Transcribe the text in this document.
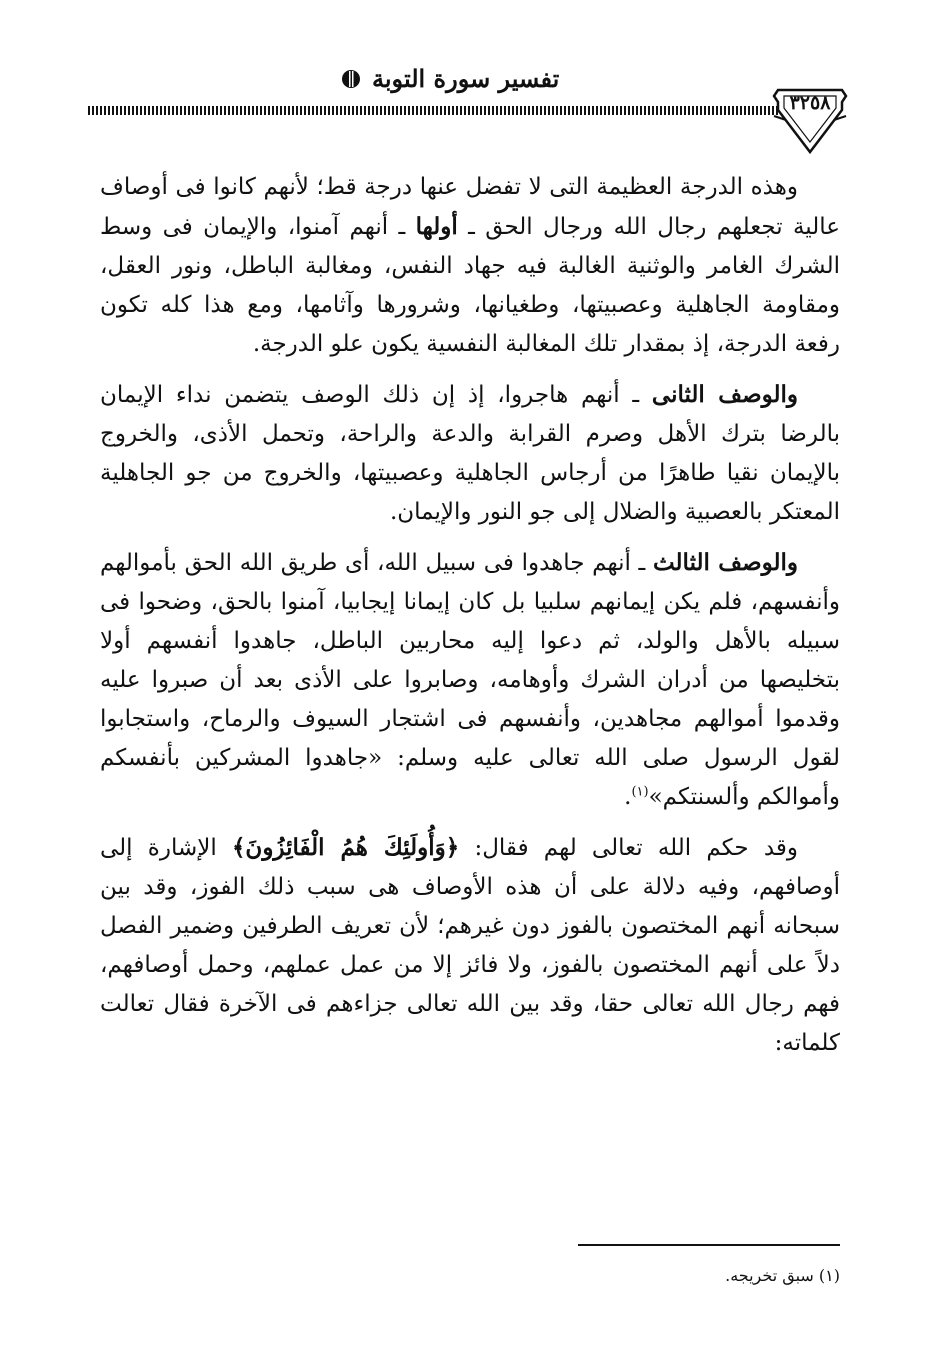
تفسير سورة التوبة
٣٢٥٨

وهذه الدرجة العظيمة التى لا تفضل عنها درجة قط؛ لأنهم كانوا فى أوصاف عالية تجعلهم رجال الله ورجال الحق ـ أولها ـ أنهم آمنوا، والإيمان فى وسط الشرك الغامر والوثنية الغالبة فيه جهاد النفس، ومغالبة الباطل، ونور العقل، ومقاومة الجاهلية وعصبيتها، وطغيانها، وشرورها وآثامها، ومع هذا كله تكون رفعة الدرجة، إذ بمقدار تلك المغالبة النفسية يكون علو الدرجة.

والوصف الثانى ـ أنهم هاجروا، إذ إن ذلك الوصف يتضمن نداء الإيمان بالرضا بترك الأهل وصرم القرابة والدعة والراحة، وتحمل الأذى، والخروج بالإيمان نقيا طاهرًا من أرجاس الجاهلية وعصبيتها، والخروج من جو الجاهلية المعتكر بالعصبية والضلال إلى جو النور والإيمان.

والوصف الثالث ـ أنهم جاهدوا فى سبيل الله، أى طريق الله الحق بأموالهم وأنفسهم، فلم يكن إيمانهم سلبيا بل كان إيمانا إيجابيا، آمنوا بالحق، وضحوا فى سبيله بالأهل والولد، ثم دعوا إليه محاربين الباطل، جاهدوا أنفسهم أولا بتخليصها من أدران الشرك وأوهامه، وصابروا على الأذى بعد أن صبروا عليه وقدموا أموالهم مجاهدين، وأنفسهم فى اشتجار السيوف والرماح، واستجابوا لقول الرسول صلى الله تعالى عليه وسلم: «جاهدوا المشركين بأنفسكم وأموالكم وألسنتكم»$^{(١)}$.

وقد حكم الله تعالى لهم فقال: ﴿وَأُولَئِكَ هُمُ الْفَائِزُونَ﴾ الإشارة إلى أوصافهم، وفيه دلالة على أن هذه الأوصاف هى سبب ذلك الفوز، وقد بين سبحانه أنهم المختصون بالفوز دون غيرهم؛ لأن تعريف الطرفين وضمير الفصل دلاً على أنهم المختصون بالفوز، ولا فائز إلا من عمل عملهم، وحمل أوصافهم، فهم رجال الله تعالى حقا، وقد بين الله تعالى جزاءهم فى الآخرة فقال تعالت كلماته:

(١) سبق تخريجه.
